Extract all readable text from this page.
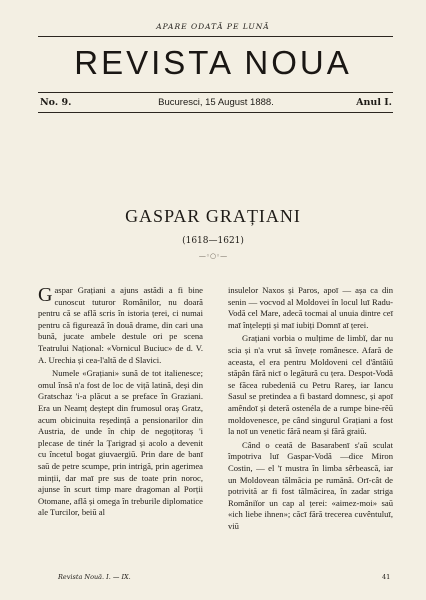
APARE ODATĂ PE LUNĂ
REVISTA NOUA
No. 9.	Bucuresci, 15 August 1888.	Anul I.
GASPAR GRAȚIANI
(1618—1621)
—◦○◦—

Gaspar Grațiani a ajuns astădi a fi bine cunoscut tuturor Românilor, nu doară pentru că se află scris în istoria țerei, ci numai pentru că figurează în două drame, din cari una bună, jucate ambele destule ori pe scena Teatrului Național: «Vornicul Buciuc» de d. V. A. Urechia și cea-l'altă de d Slavici.

Numele «Grațiani» sună de tot italienesce; omul însă n'a fost de loc de viță latină, deși din Gratschaz 'i-a plăcut a se preface în Graziani. Era un Neamț deștept din frumosul oraș Gratz, acum obicinuita reședință a pensionarilor din Austria, de unde în chip de negoțitoraș 'i plecase de tinér la Țarigrad și acolo a devenit cu încetul bogat giuvaergiū. Prin dare de banī saū de petre scumpe, prin intrigă, prin agerimea minții, dar maī pre sus de toate prin noroc, ajunse în scurt timp mare dragoman al Porții Otomane, află și omega în treburile diplomatice ale Turcilor, beiū al

insulelor Naxos și Paros, apoī — așa ca din senin — vocvod al Moldovei în locul luī Radu-Vodă cel Mare, adecă tocmai al unuia dintre ceī maī înțelepți și maī iubiți Domnī aī țerei.

Grațiani vorbia o mulțime de limbĭ, dar nu scia și n'a vrut să învețe românesce. Afară de aceasta, el era pentru Moldoveni cel d'ântâiū stăpân fără nicī o legătură cu țera. Despot-Vodă se făcea rubedeniă cu Petru Rareș, iar Iancu Sasul se pretindea a fi bastard domnesc, și apoī amêndoī și deteră ostenéla de a rumpe bine-rĕū moldovenesce, pe când singurul Grațiani a fost la noī un venetic fără neam și fără graiū.

Când o ceată de Basarabenī s'aū sculat împotriva luī Gaspar-Vodă —dice Miron Costin, — el 'ī mustra în limba sêrbească, iar un Moldovean tălmăcia pe rumănă. Orī-cât de potrivită ar fi fost tălmăcirea, în zadar striga Româniĭor un cap al țerei: «aimez-moi» saū «ich liebe ihnen»; căcī fără trecerea cuvêntuluī, viū

Revista Nouă. I. — IX.	41
